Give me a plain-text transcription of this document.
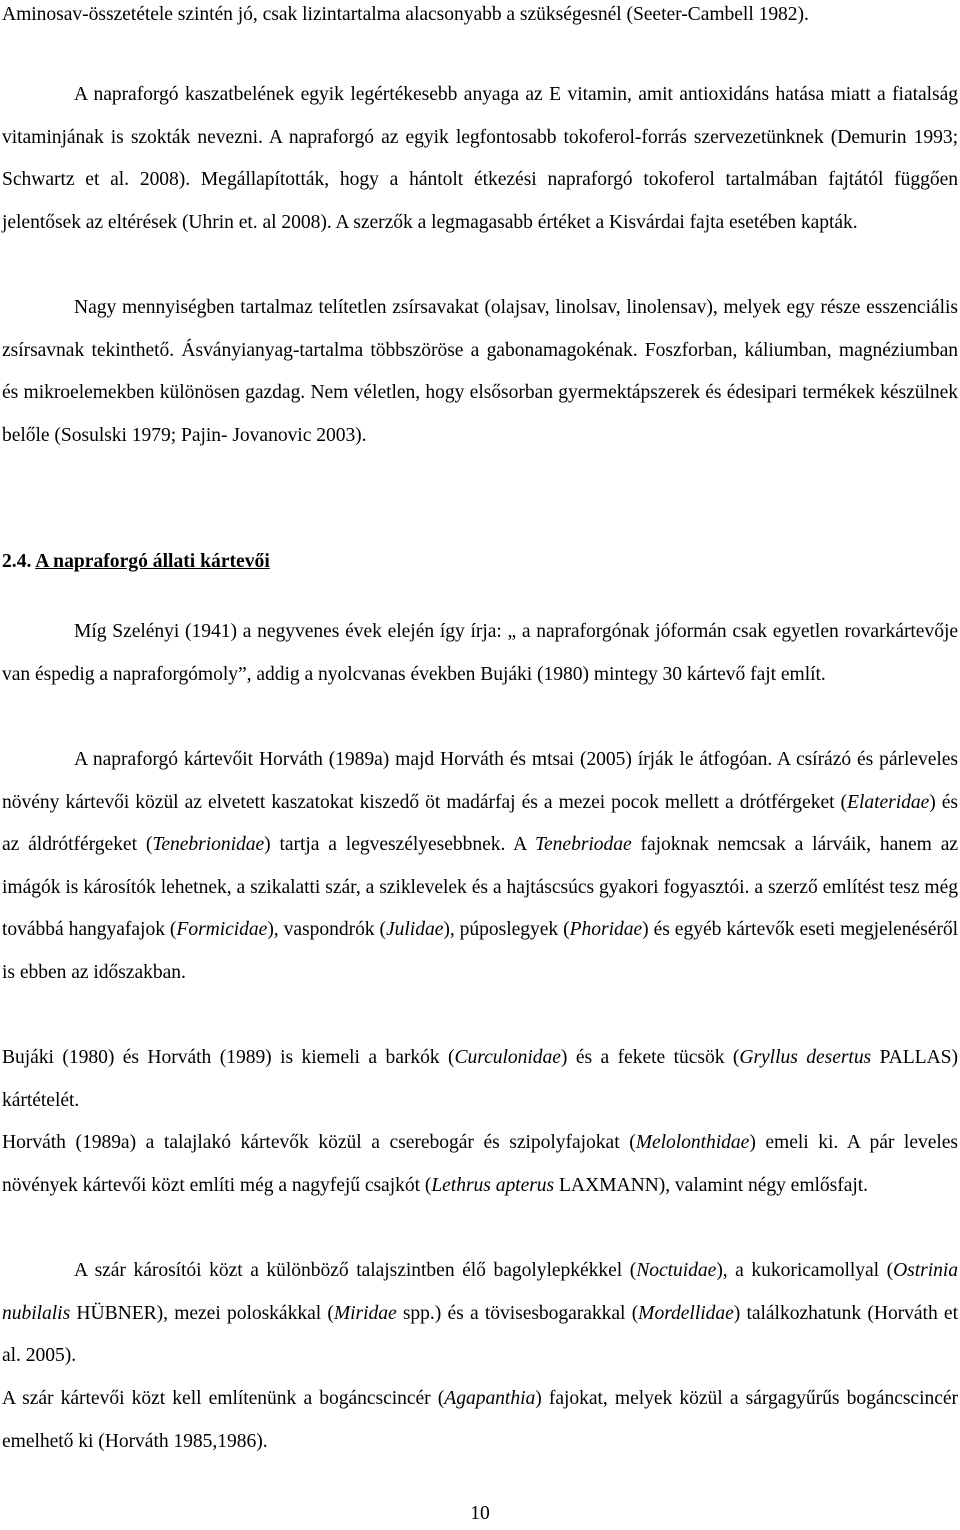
Aminosav-összetétele szintén jó, csak lizintartalma alacsonyabb a szükségesnél (Seeter-Cambell 1982).

A napraforgó kaszatbelének egyik legértékesebb anyaga az E vitamin, amit antioxidáns hatása miatt a fiatalság vitaminjának is szokták nevezni. A napraforgó az egyik legfontosabb tokoferol-forrás szervezetünknek (Demurin 1993; Schwartz et al. 2008). Megállapították, hogy a hántolt étkezési napraforgó tokoferol tartalmában fajtától függően jelentősek az eltérések (Uhrin et. al 2008). A szerzők a legmagasabb értéket a Kisvárdai fajta esetében kapták.

Nagy mennyiségben tartalmaz telítetlen zsírsavakat (olajsav, linolsav, linolensav), melyek egy része esszenciális zsírsavnak tekinthető. Ásványianyag-tartalma többszöröse a gabonamagokénak. Foszforban, káliumban, magnéziumban és mikroelemekben különösen gazdag. Nem véletlen, hogy elsősorban gyermektápszerek és édesipari termékek készülnek belőle (Sosulski 1979; Pajin- Jovanovic 2003).

2.4. A napraforgó állati kártevői

Míg Szelényi (1941) a negyvenes évek elején így írja: „ a napraforgónak jóformán csak egyetlen rovarkártevője van éspedig a napraforgómoly”, addig a nyolcvanas években Bujáki (1980) mintegy 30 kártevő fajt említ.

A napraforgó kártevőit Horváth (1989a) majd Horváth és mtsai (2005) írják le átfogóan. A csírázó és párleveles növény kártevői közül az elvetett kaszatokat kiszedő öt madárfaj és a mezei pocok mellett a drótférgeket (Elateridae) és az áldrótférgeket (Tenebrionidae) tartja a legveszélyesebbnek. A Tenebriodae fajoknak nemcsak a lárváik, hanem az imágók is károsítók lehetnek, a szikalatti szár, a sziklevelek és a hajtáscsúcs gyakori fogyasztói. a szerző említést tesz még továbbá hangyafajok (Formicidae), vaspondrók (Julidae), púposlegyek (Phoridae) és egyéb kártevők eseti megjelenéséről is ebben az időszakban.

Bujáki (1980) és Horváth (1989) is kiemeli a barkók (Curculonidae) és a fekete tücsök (Gryllus desertus PALLAS) kártételét.

Horváth (1989a) a talajlakó kártevők közül a cserebogár és szipolyfajokat (Melolonthidae) emeli ki. A pár leveles növények kártevői közt említi még a nagyfejű csajkót (Lethrus apterus LAXMANN), valamint négy emlősfajt.

A szár károsítói közt a különböző talajszintben élő bagolylepkékkel (Noctuidae), a kukoricamollyal (Ostrinia nubilalis HÜBNER), mezei poloskákkal (Miridae spp.) és a tövisesbogarakkal (Mordellidae) találkozhatunk (Horváth et al. 2005).

A szár kártevői közt kell említenünk a bogáncscincér (Agapanthia) fajokat, melyek közül a sárgagyűrűs bogáncscincér emelhető ki (Horváth 1985,1986).

10
